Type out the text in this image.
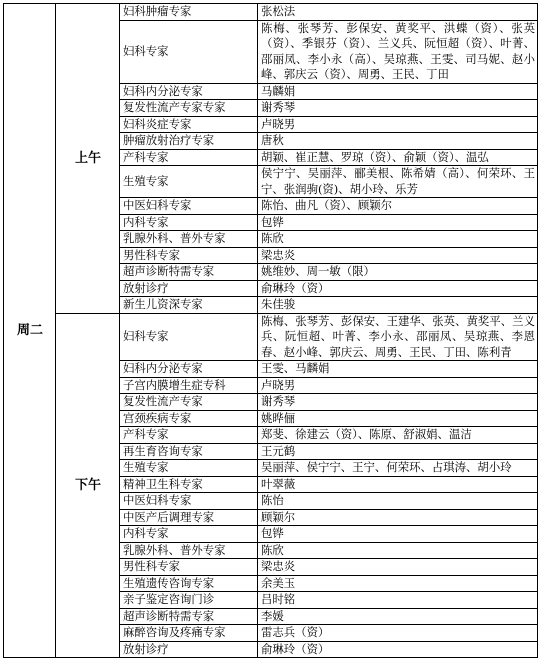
周二	上午	妇科肿瘤专家	张松法
		妇科专家	陈梅、张琴芳、彭保安、黄奖平、洪蝶（资）、张英（资）、季银芬（资）、兰义兵、阮恒超（资）、叶菁、邵丽凤、李小永（高）、吴琼燕、王雯、司马妮、赵小峰、郭庆云（资）、周勇、王民、丁田
		妇科内分泌专家	马麟娟
		复发性流产专家专家	谢秀琴
		妇科炎症专家	卢晓男
		肿瘤放射治疗专家	唐秋
		产科专家	胡颖、崔正慧、罗琼（资）、俞颖（资）、温弘
		生殖专家	侯宁宁、吴丽萍、郦美根、陈希婧（高）、何荣环、王宁、张润驹(资)、胡小玲、乐芳
		中医妇科专家	陈怡、曲凡（资）、顾颖尔
		内科专家	包铧
		乳腺外科、普外专家	陈欣
		男性科专家	梁忠炎
		超声诊断特需专家	姚维妙、周一敏（限）
		放射诊疗	俞琳玲（资）
		新生儿资深专家	朱佳骏
	下午	妇科专家	陈梅、张琴芳、彭保安、王建华、张英、黄奖平、兰义兵、阮恒超、叶菁、李小永、邵丽凤、吴琼燕、李恩春、赵小峰、郭庆云、周勇、王民、丁田、陈利青
		妇科内分泌专家	王雯、马麟娟
		子宫内膜增生症专科	卢晓男
		复发性流产专家	谢秀琴
		宫颈疾病专家	姚晔俪
		产科专家	郑斐、徐建云（资）、陈原、舒淑娟、温洁
		再生育咨询专家	王元鹤
		生殖专家	吴丽萍、侯宁宁、王宁、何荣环、占琪涛、胡小玲
		精神卫生科专家	叶翠薇
		中医妇科专家	陈怡
		中医产后调理专家	顾颖尔
		内科专家	包铧
		乳腺外科、普外专家	陈欣
		男性科专家	梁忠炎
		生殖遗传咨询专家	余美玉
		亲子鉴定咨询门诊	吕时铭
		超声诊断特需专家	李媛
		麻醉咨询及疼痛专家	雷志兵（资）
		放射诊疗	俞琳玲（资）
